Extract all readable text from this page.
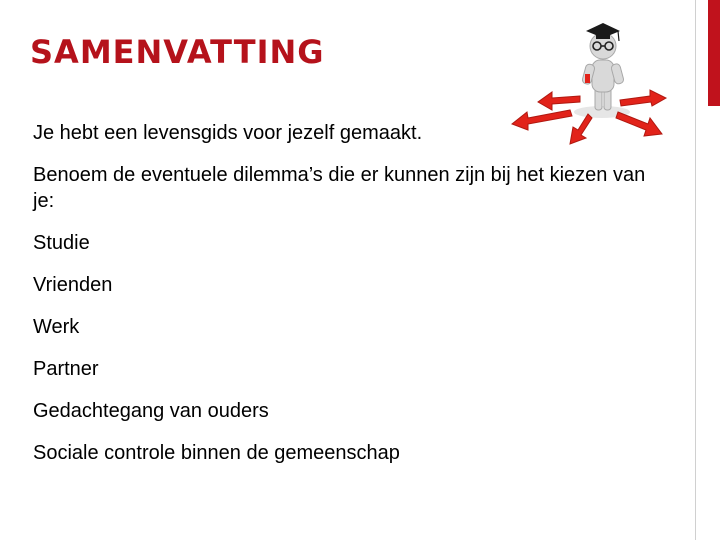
SAMENVATTING

Je hebt een levensgids voor jezelf gemaakt.

Benoem de eventuele dilemma’s die er kunnen zijn bij het kiezen van je:

Studie
Vrienden
Werk
Partner
Gedachtegang van ouders
Sociale controle binnen de gemeenschap
